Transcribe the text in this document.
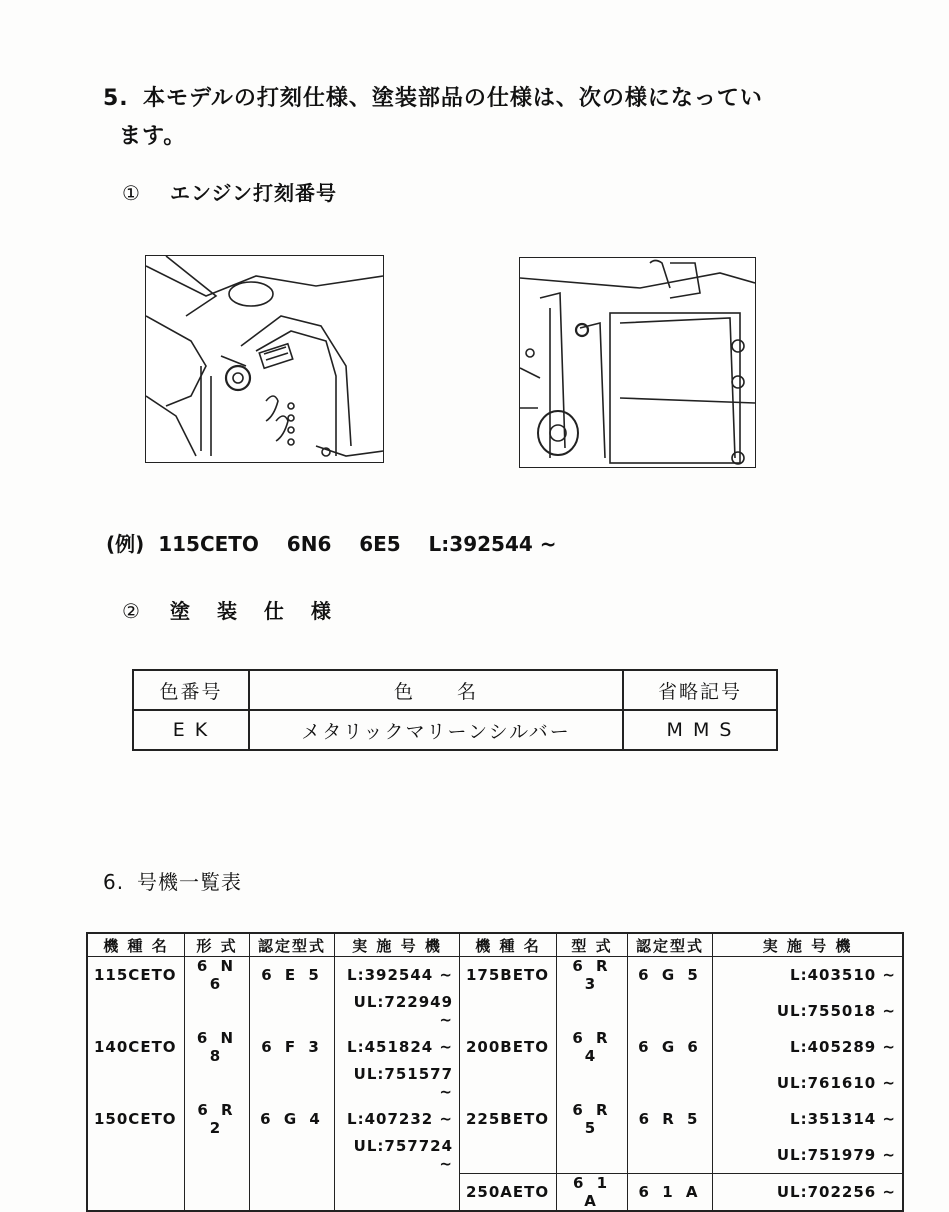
5. 本モデルの打刻仕様、塗装部品の仕様は、次の様になってい
ます。
① エンジン打刻番号
(例)  115CETO    6N6    6E5    L:392544 ~
② 塗 装 仕 様
色番号	色　　名	省略記号
E K	メタリックマリーンシルバー	M M S
6. 号機一覧表
機 種 名	形 式	認定型式	実 施 号 機	機 種 名	型 式	認定型式	実 施 号 機
115CETO	6 N 6	6 E 5	L:392544 ~	175BETO	6 R 3	6 G 5	L:403510 ~
			UL:722949 ~				UL:755018 ~
140CETO	6 N 8	6 F 3	L:451824 ~	200BETO	6 R 4	6 G 6	L:405289 ~
			UL:751577 ~				UL:761610 ~
150CETO	6 R 2	6 G 4	L:407232 ~	225BETO	6 R 5	6 R 5	L:351314 ~
			UL:757724 ~				UL:751979 ~
				250AETO	6 1 A	6 1 A	UL:702256 ~
